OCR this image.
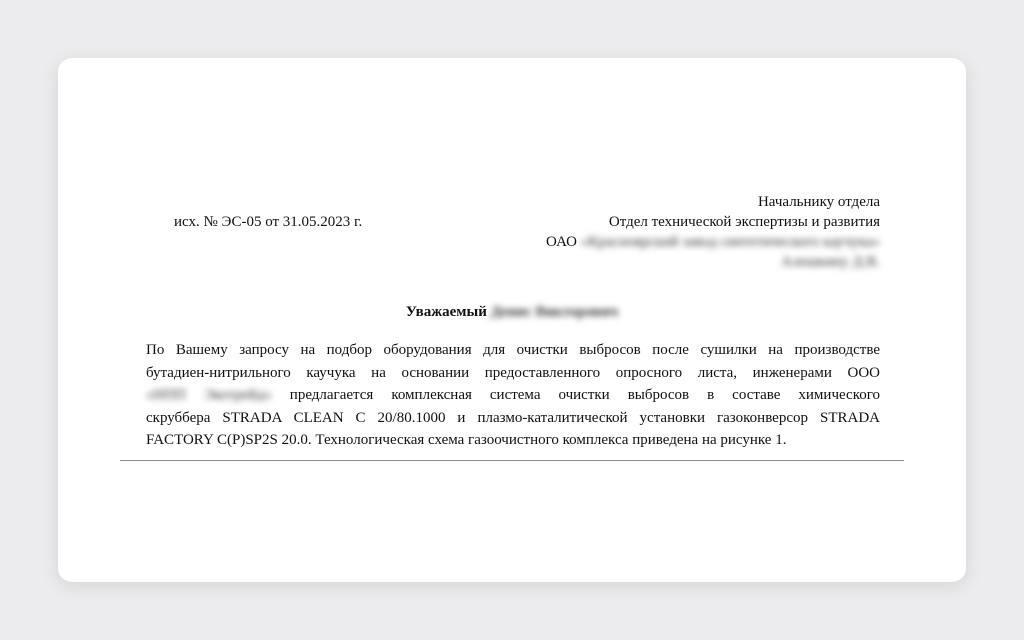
исх. № ЭС-05 от 31.05.2023 г.
Начальнику отдела
Отдел технической экспертизы и развития
ОАО «Красноярский завод синтетического каучука»
Алешкину Д.В.
Уважаемый Денис Викторович
По Вашему запросу на подбор оборудования для очистки выбросов после сушилки на производстве
бутадиен-нитрильного каучука на основании предоставленного опросного листа, инженерами ООО
«НПП Экотрейд» предлагается комплексная система очистки выбросов в составе химического
скруббера STRADA CLEAN C 20/80.1000 и плазмо-каталитической установки газоконверсор STRADA
FACTORY C(P)SP2S 20.0. Технологическая схема газоочистного комплекса приведена на рисунке 1.
